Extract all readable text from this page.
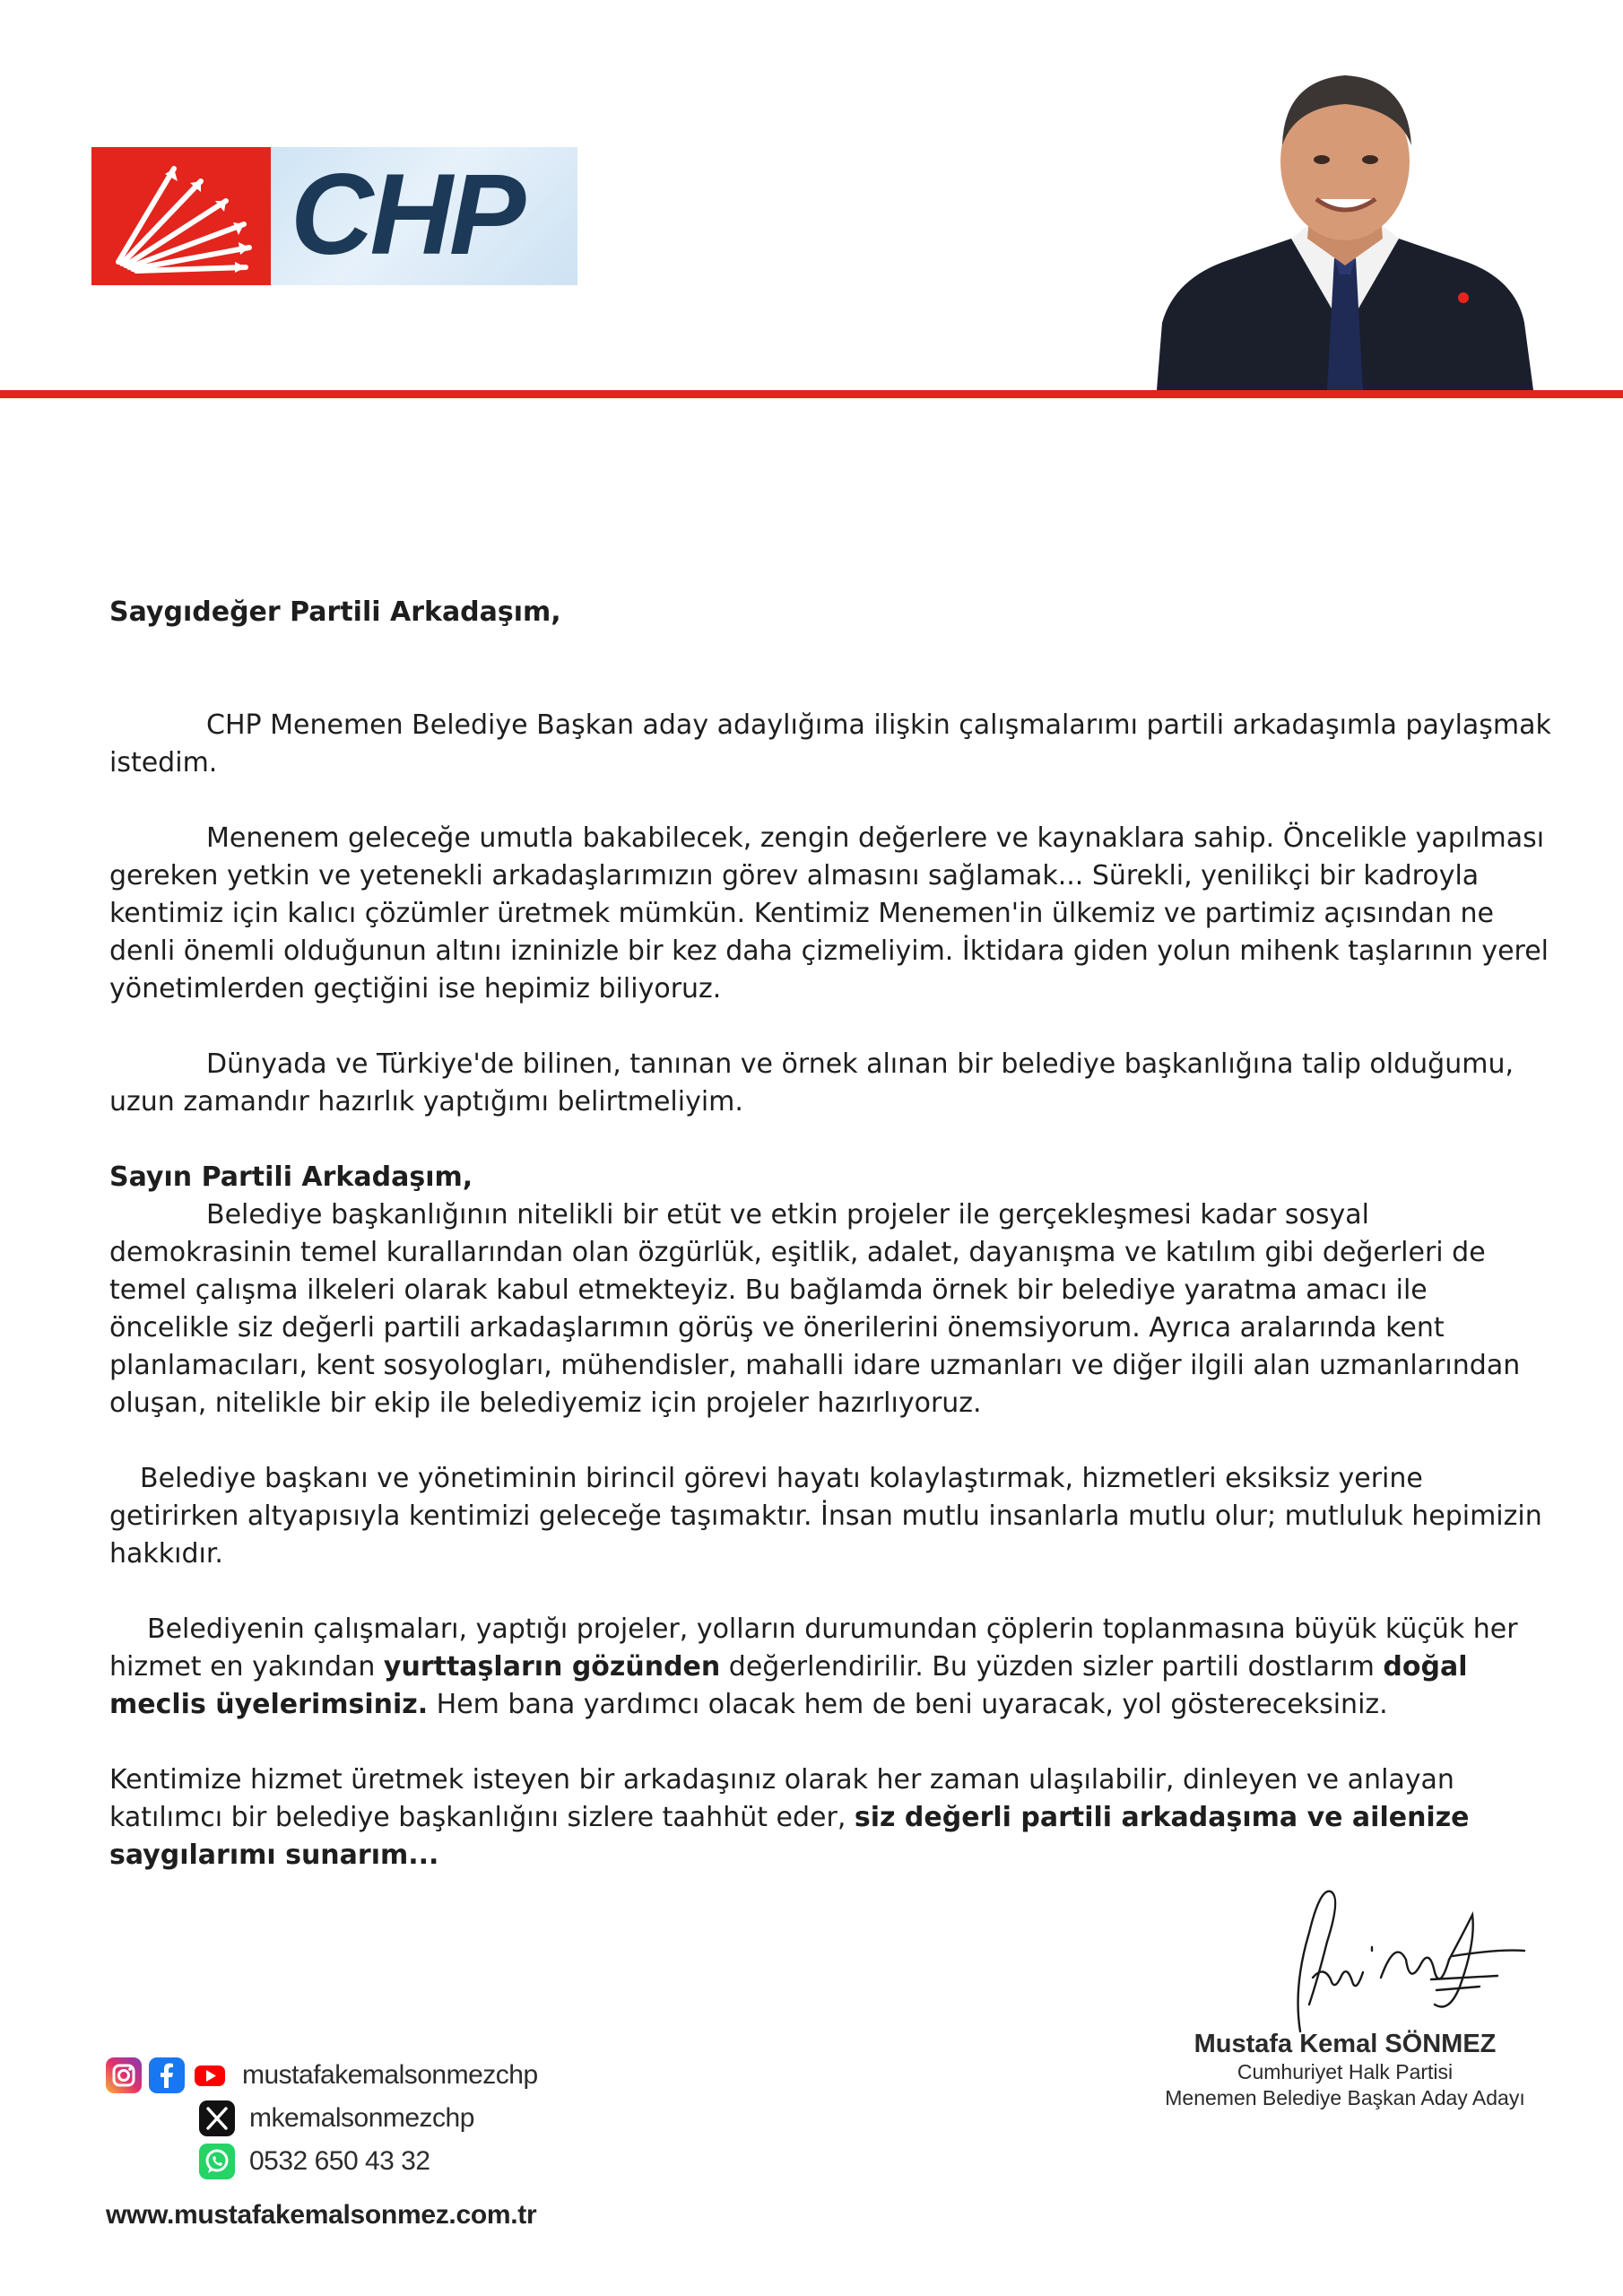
CHP

Saygıdeğer Partili Arkadaşım,

CHP Menemen Belediye Başkan aday adaylığıma ilişkin çalışmalarımı partili arkadaşımla paylaşmak istedim.

Menenem geleceğe umutla bakabilecek, zengin değerlere ve kaynaklara sahip. Öncelikle yapılması gereken yetkin ve yetenekli arkadaşlarımızın görev almasını sağlamak... Sürekli, yenilikçi bir kadroyla kentimiz için kalıcı çözümler üretmek mümkün. Kentimiz Menemen'in ülkemiz ve partimiz açısından ne denli önemli olduğunun altını izninizle bir kez daha çizmeliyim. İktidara giden yolun mihenk taşlarının yerel yönetimlerden geçtiğini ise hepimiz biliyoruz.

Dünyada ve Türkiye'de bilinen, tanınan ve örnek alınan bir belediye başkanlığına talip olduğumu, uzun zamandır hazırlık yaptığımı belirtmeliyim.

Sayın Partili Arkadaşım,

Belediye başkanlığının nitelikli bir etüt ve etkin projeler ile gerçekleşmesi kadar sosyal demokrasinin temel kurallarından olan özgürlük, eşitlik, adalet, dayanışma ve katılım gibi değerleri de temel çalışma ilkeleri olarak kabul etmekteyiz. Bu bağlamda örnek bir belediye yaratma amacı ile öncelikle siz değerli partili arkadaşlarımın görüş ve önerilerini önemsiyorum. Ayrıca aralarında kent planlamacıları, kent sosyologları, mühendisler, mahalli idare uzmanları ve diğer ilgili alan uzmanlarından oluşan, nitelikle bir ekip ile belediyemiz için projeler hazırlıyoruz.

Belediye başkanı ve yönetiminin birincil görevi hayatı kolaylaştırmak, hizmetleri eksiksiz yerine getirirken altyapısıyla kentimizi geleceğe taşımaktır. İnsan mutlu insanlarla mutlu olur; mutluluk hepimizin hakkıdır.

Belediyenin çalışmaları, yaptığı projeler, yolların durumundan çöplerin toplanmasına büyük küçük her hizmet en yakından yurttaşların gözünden değerlendirilir. Bu yüzden sizler partili dostlarım doğal meclis üyelerimsiniz. Hem bana yardımcı olacak hem de beni uyaracak, yol göstereceksiniz.

Kentimize hizmet üretmek isteyen bir arkadaşınız olarak her zaman ulaşılabilir, dinleyen ve anlayan katılımcı bir belediye başkanlığını sizlere taahhüt eder, siz değerli partili arkadaşıma ve ailenize saygılarımı sunarım...

Mustafa Kemal SÖNMEZ
Cumhuriyet Halk Partisi
Menemen Belediye Başkan Aday Adayı
mustafakemalsonmezchp
mkemalsonmezchp
0532 650 43 32
www.mustafakemalsonmez.com.tr
